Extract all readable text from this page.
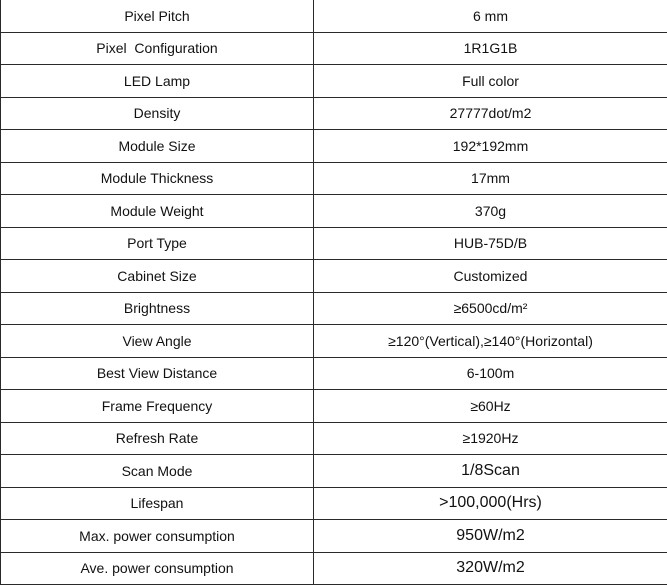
Pixel Pitch	6 mm
Pixel  Configuration	1R1G1B
LED Lamp	Full color
Density	27777dot/m2
Module Size	192*192mm
Module Thickness	17mm
Module Weight	370g
Port Type	HUB-75D/B
Cabinet Size	Customized
Brightness	≥6500cd/m²
View Angle	≥120°(Vertical),≥140°(Horizontal)
Best View Distance	6-100m
Frame Frequency	≥60Hz
Refresh Rate	≥1920Hz
Scan Mode	1/8Scan
Lifespan	>100,000(Hrs)
Max. power consumption	950W/m2
Ave. power consumption	320W/m2
